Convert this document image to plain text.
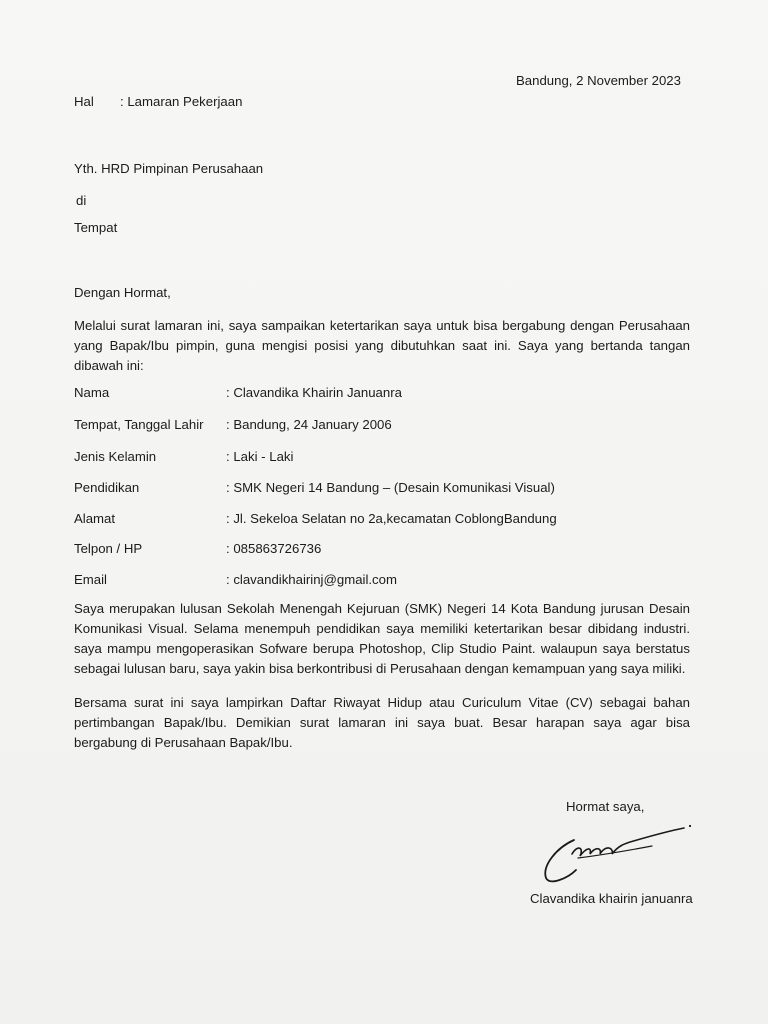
Bandung, 2 November 2023
Hal : Lamaran Pekerjaan
Yth. HRD Pimpinan Perusahaan
di
Tempat
Dengan Hormat,
Melalui surat lamaran ini, saya sampaikan ketertarikan saya untuk bisa bergabung dengan Perusahaan yang Bapak/Ibu pimpin, guna mengisi posisi yang dibutuhkan saat ini. Saya yang bertanda tangan dibawah ini:
Nama	: Clavandika Khairin Januanra
Tempat, Tanggal Lahir : Bandung, 24 January 2006
Jenis Kelamin	: Laki - Laki
Pendidikan	: SMK Negeri 14 Bandung – (Desain Komunikasi Visual)
Alamat	: Jl. Sekeloa Selatan no 2a,kecamatan CoblongBandung
Telpon / HP	: 085863726736
Email	: clavandikhairinj@gmail.com
Saya merupakan lulusan Sekolah Menengah Kejuruan (SMK) Negeri 14 Kota Bandung jurusan Desain Komunikasi Visual. Selama menempuh pendidikan saya memiliki ketertarikan besar dibidang industri. saya mampu mengoperasikan Sofware berupa Photoshop, Clip Studio Paint. walaupun saya berstatus sebagai lulusan baru, saya yakin bisa berkontribusi di Perusahaan dengan kemampuan yang saya miliki.
Bersama surat ini saya lampirkan Daftar Riwayat Hidup atau Curiculum Vitae (CV) sebagai bahan pertimbangan Bapak/Ibu. Demikian surat lamaran ini saya buat. Besar harapan saya agar bisa bergabung di Perusahaan Bapak/Ibu.
Hormat saya,
Clavandika khairin januanra
